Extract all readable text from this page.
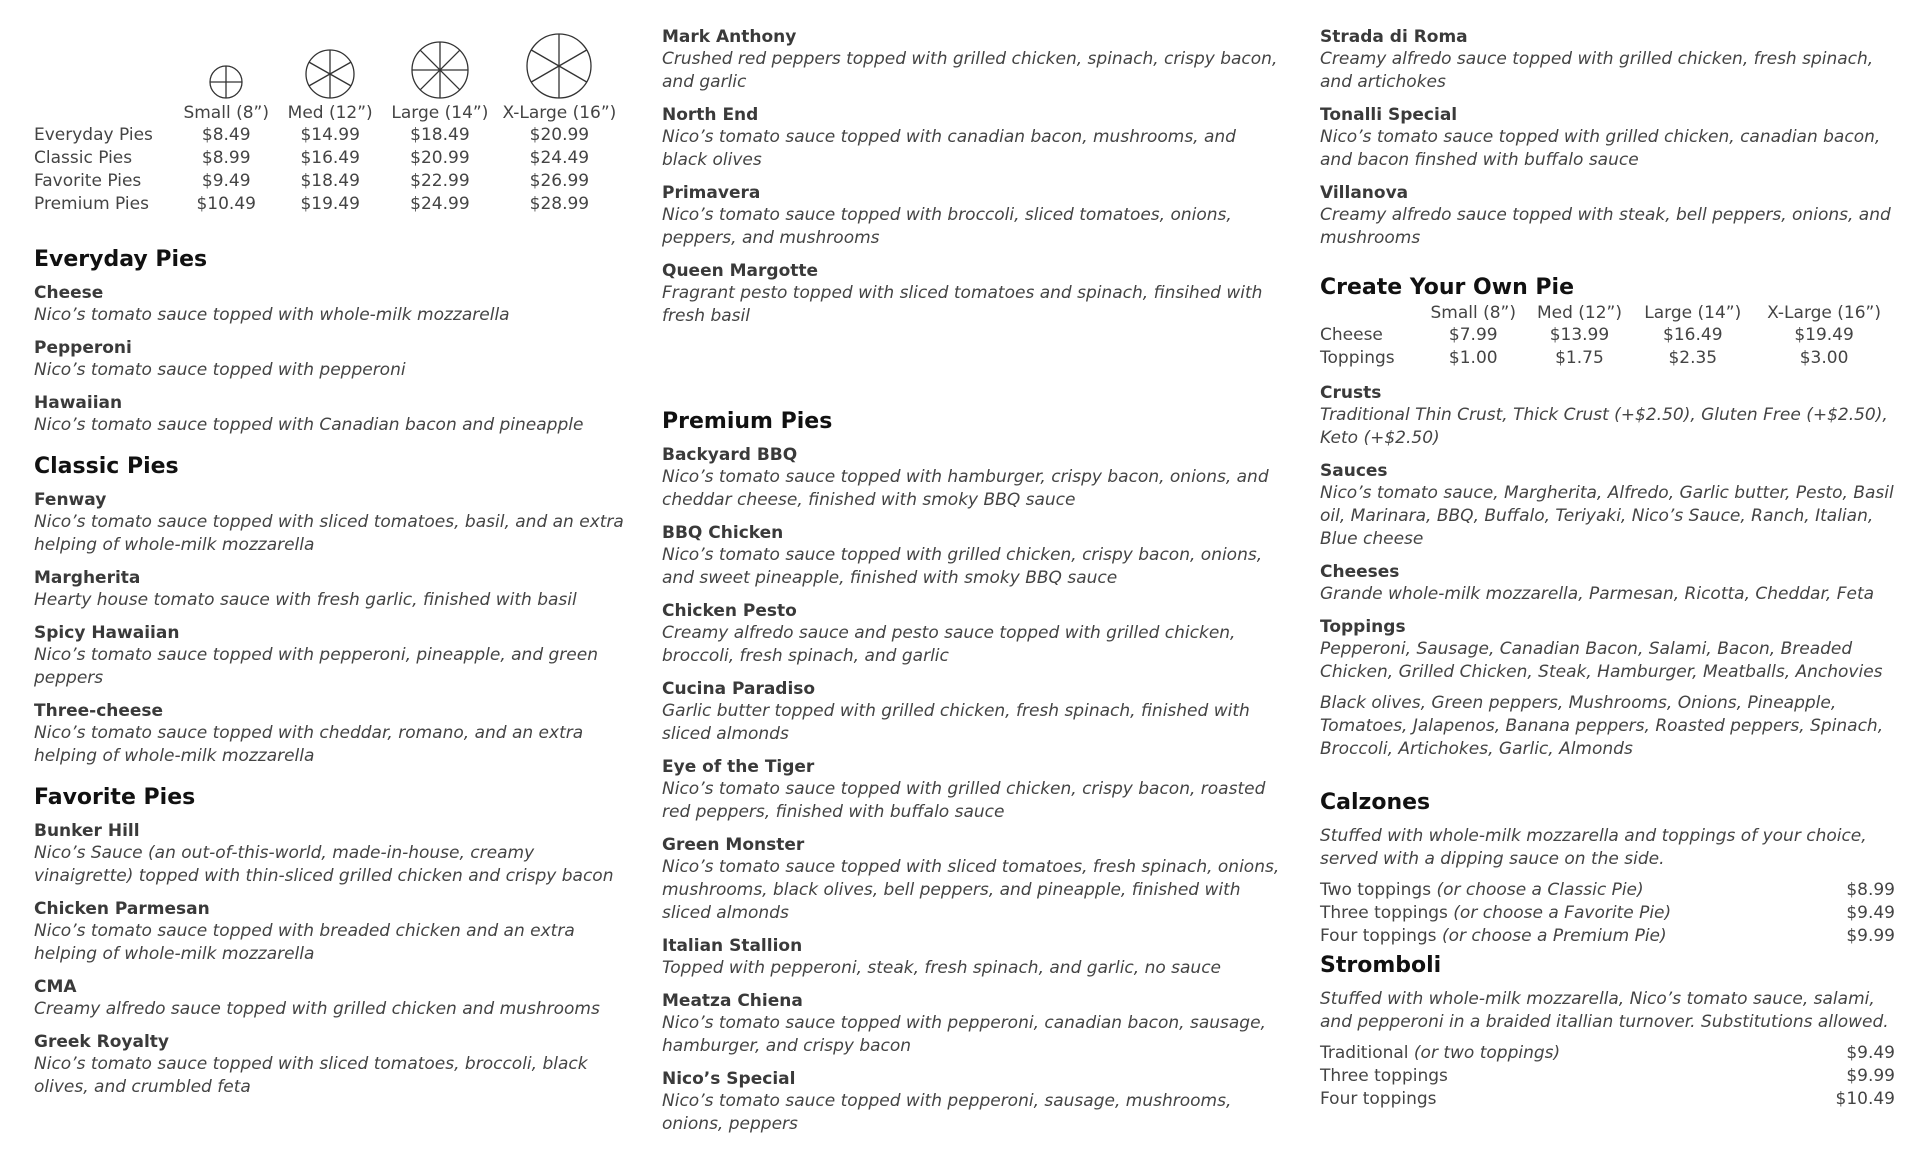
	Small (8”)	Med (12”)	Large (14”)	X-Large (16”)
Everyday Pies	$8.49	$14.99	$18.49	$20.99
Classic Pies	$8.99	$16.49	$20.99	$24.49
Favorite Pies	$9.49	$18.49	$22.99	$26.99
Premium Pies	$10.49	$19.49	$24.99	$28.99
Everyday Pies
Cheese
Nico’s tomato sauce topped with whole-milk mozzarella
Pepperoni
Nico’s tomato sauce topped with pepperoni
Hawaiian
Nico’s tomato sauce topped with Canadian bacon and pineapple
Classic Pies
Fenway
Nico’s tomato sauce topped with sliced tomatoes, basil, and an extra helping of whole-milk mozzarella
Margherita
Hearty house tomato sauce with fresh garlic, finished with basil
Spicy Hawaiian
Nico’s tomato sauce topped with pepperoni, pineapple, and green peppers
Three-cheese
Nico’s tomato sauce topped with cheddar, romano, and an extra helping of whole-milk mozzarella
Favorite Pies
Bunker Hill
Nico’s Sauce (an out-of-this-world, made-in-house, creamy vinaigrette) topped with thin-sliced grilled chicken and crispy bacon
Chicken Parmesan
Nico’s tomato sauce topped with breaded chicken and an extra helping of whole-milk mozzarella
CMA
Creamy alfredo sauce topped with grilled chicken and mushrooms
Greek Royalty
Nico’s tomato sauce topped with sliced tomatoes, broccoli, black olives, and crumbled feta
Mark Anthony
Crushed red peppers topped with grilled chicken, spinach, crispy bacon, and garlic
North End
Nico’s tomato sauce topped with canadian bacon, mushrooms, and black olives
Primavera
Nico’s tomato sauce topped with broccoli, sliced tomatoes, onions, peppers, and mushrooms
Queen Margotte
Fragrant pesto topped with sliced tomatoes and spinach, finsihed with fresh basil
Premium Pies
Backyard BBQ
Nico’s tomato sauce topped with hamburger, crispy bacon, onions, and cheddar cheese, finished with smoky BBQ sauce
BBQ Chicken
Nico’s tomato sauce topped with grilled chicken, crispy bacon, onions, and sweet pineapple, finished with smoky BBQ sauce
Chicken Pesto
Creamy alfredo sauce and pesto sauce topped with grilled chicken, broccoli, fresh spinach, and garlic
Cucina Paradiso
Garlic butter topped with grilled chicken, fresh spinach, finished with sliced almonds
Eye of the Tiger
Nico’s tomato sauce topped with grilled chicken, crispy bacon, roasted red peppers, finished with buffalo sauce
Green Monster
Nico’s tomato sauce topped with sliced tomatoes, fresh spinach, onions, mushrooms, black olives, bell peppers, and pineapple, finished with sliced almonds
Italian Stallion
Topped with pepperoni, steak, fresh spinach, and garlic, no sauce
Meatza Chiena
Nico’s tomato sauce topped with pepperoni, canadian bacon, sausage, hamburger, and crispy bacon
Nico’s Special
Nico’s tomato sauce topped with pepperoni, sausage, mushrooms, onions, peppers
Strada di Roma
Creamy alfredo sauce topped with grilled chicken, fresh spinach, and artichokes
Tonalli Special
Nico’s tomato sauce topped with grilled chicken, canadian bacon, and bacon finshed with buffalo sauce
Villanova
Creamy alfredo sauce topped with steak, bell peppers, onions, and mushrooms
Create Your Own Pie
	Small (8”)	Med (12”)	Large (14”)	X-Large (16”)
Cheese	$7.99	$13.99	$16.49	$19.49
Toppings	$1.00	$1.75	$2.35	$3.00
Crusts
Traditional Thin Crust, Thick Crust (+$2.50), Gluten Free (+$2.50), Keto (+$2.50)
Sauces
Nico’s tomato sauce, Margherita, Alfredo, Garlic butter, Pesto, Basil oil, Marinara, BBQ, Buffalo, Teriyaki, Nico’s Sauce, Ranch, Italian, Blue cheese
Cheeses
Grande whole-milk mozzarella, Parmesan, Ricotta, Cheddar, Feta
Toppings
Pepperoni, Sausage, Canadian Bacon, Salami, Bacon, Breaded Chicken, Grilled Chicken, Steak, Hamburger, Meatballs, Anchovies
Black olives, Green peppers, Mushrooms, Onions, Pineapple, Tomatoes, Jalapenos, Banana peppers, Roasted peppers, Spinach, Broccoli, Artichokes, Garlic, Almonds
Calzones
Stuffed with whole-milk mozzarella and toppings of your choice, served with a dipping sauce on the side.
Two toppings (or choose a Classic Pie)	$8.99
Three toppings (or choose a Favorite Pie)	$9.49
Four toppings (or choose a Premium Pie)	$9.99
Stromboli
Stuffed with whole-milk mozzarella, Nico’s tomato sauce, salami, and pepperoni in a braided itallian turnover. Substitutions allowed.
Traditional (or two toppings)	$9.49
Three toppings	$9.99
Four toppings	$10.49
